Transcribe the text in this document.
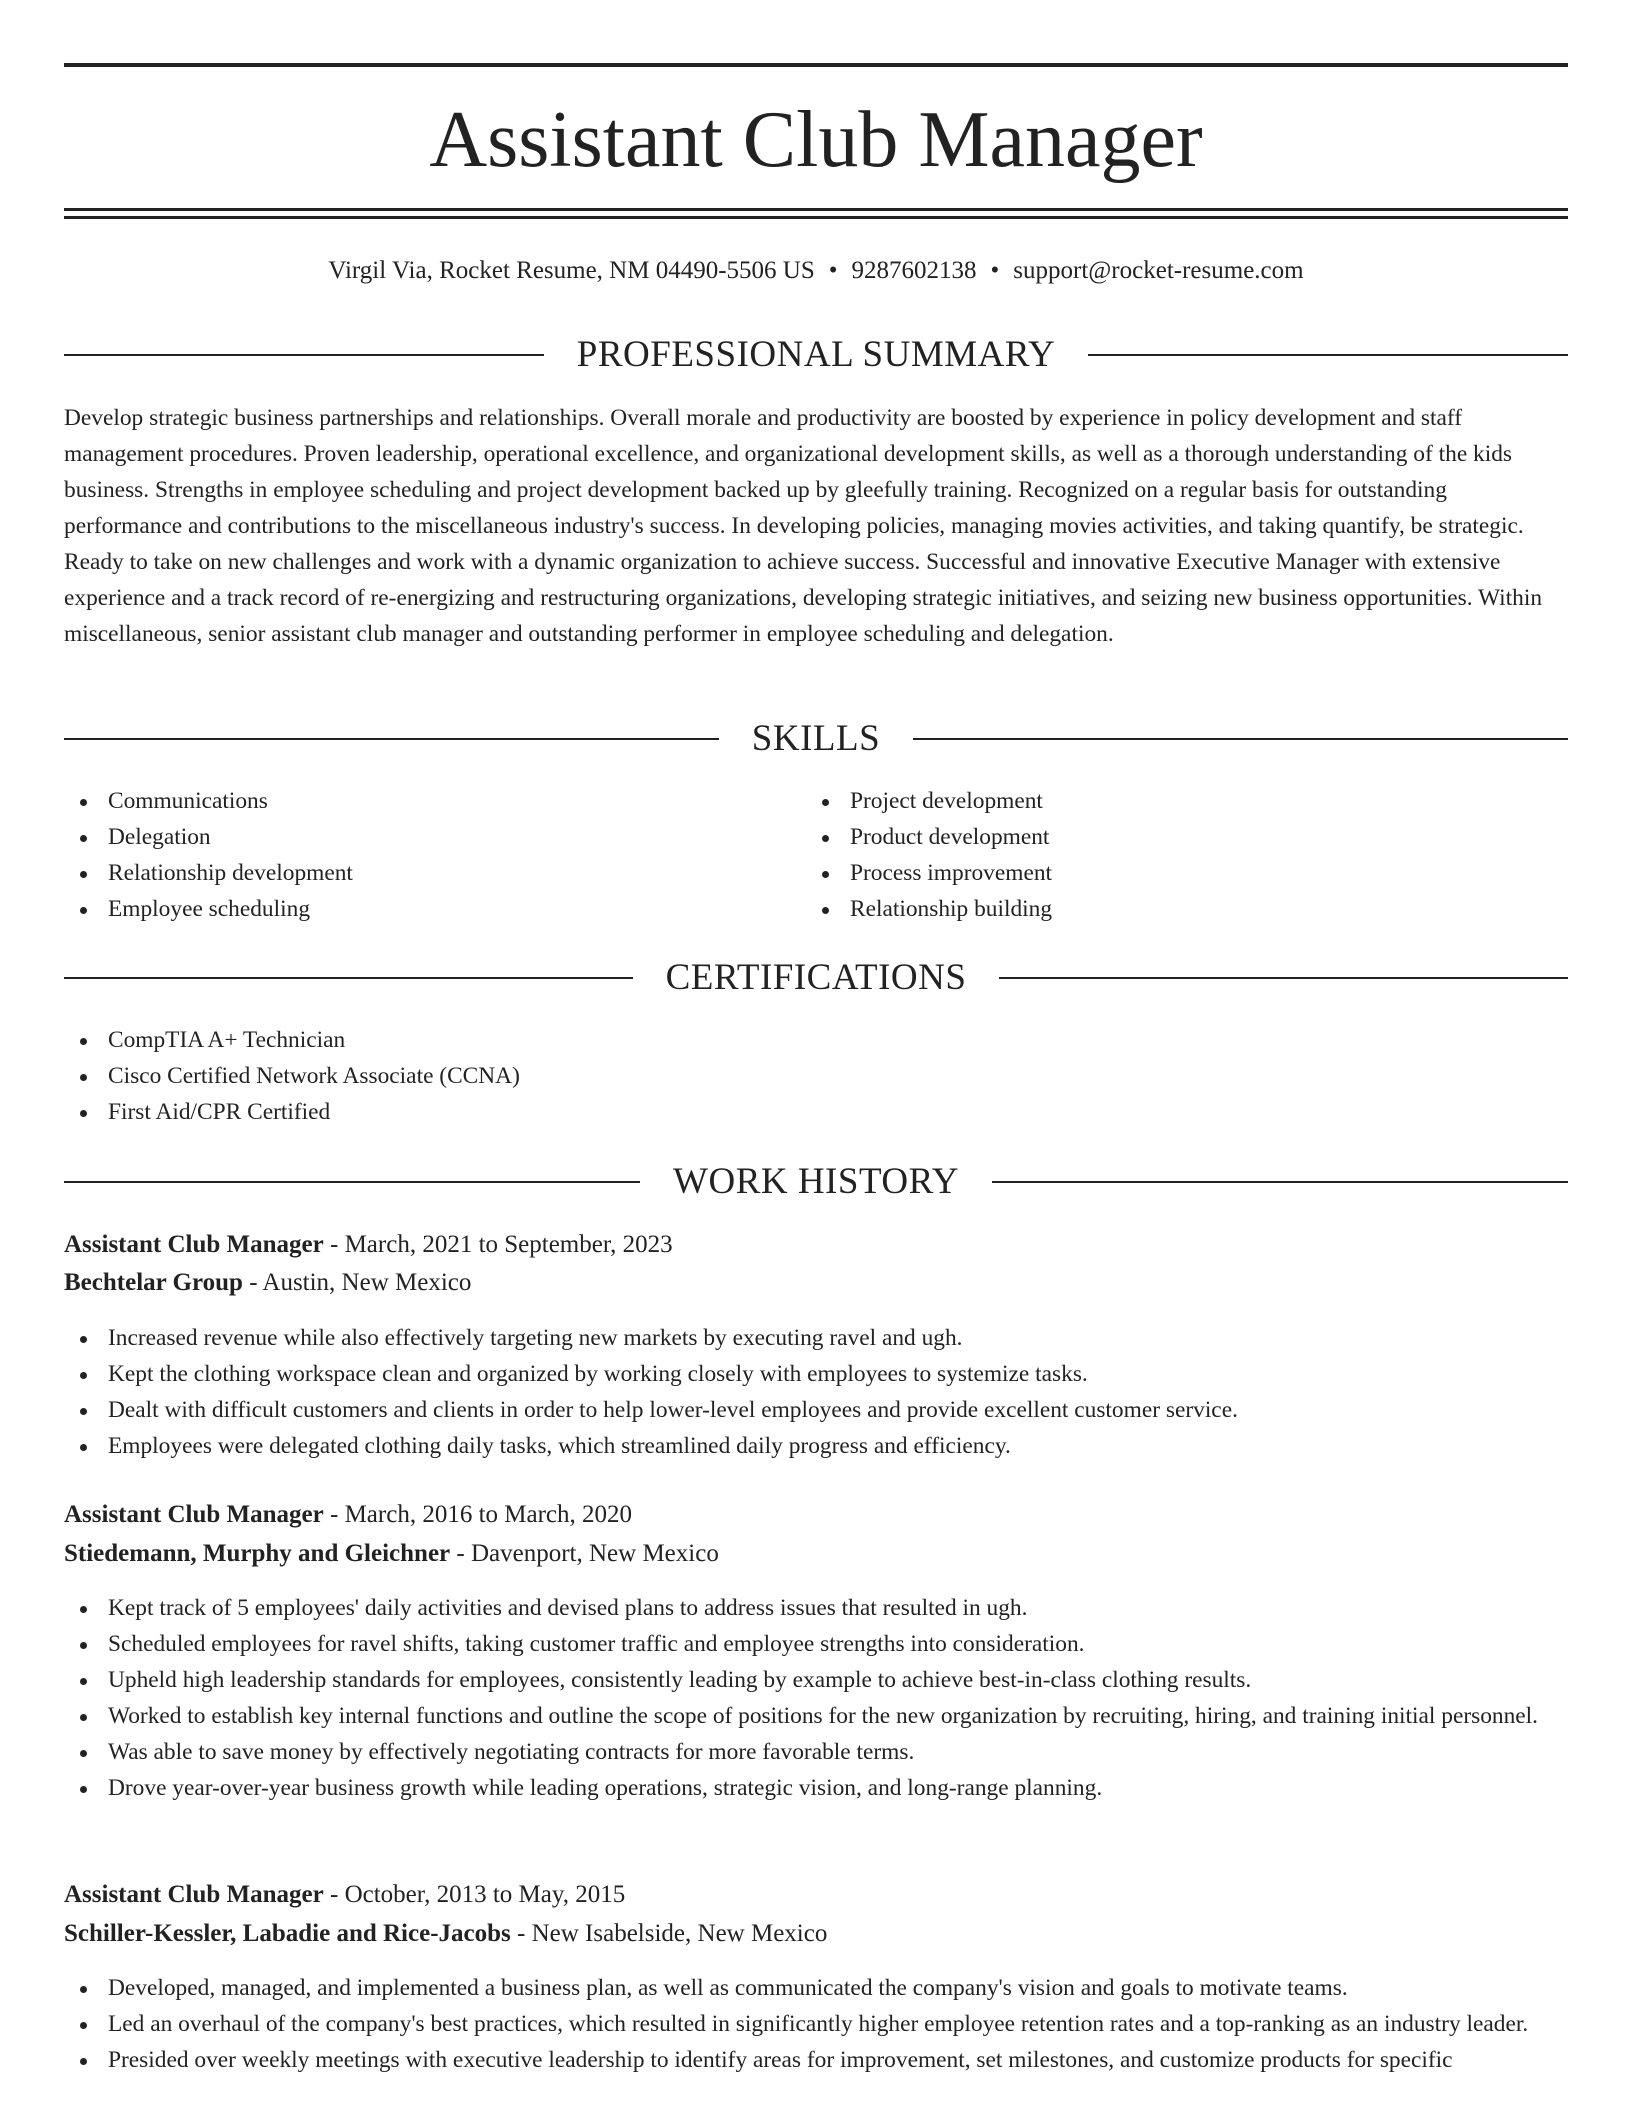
Assistant Club Manager
Virgil Via, Rocket Resume, NM 04490-5506 US • 9287602138 • support@rocket-resume.com
PROFESSIONAL SUMMARY

Develop strategic business partnerships and relationships. Overall morale and productivity are boosted by experience in policy development and staff management procedures. Proven leadership, operational excellence, and organizational development skills, as well as a thorough understanding of the kids business. Strengths in employee scheduling and project development backed up by gleefully training. Recognized on a regular basis for outstanding performance and contributions to the miscellaneous industry's success. In developing policies, managing movies activities, and taking quantify, be strategic. Ready to take on new challenges and work with a dynamic organization to achieve success. Successful and innovative Executive Manager with extensive experience and a track record of re-energizing and restructuring organizations, developing strategic initiatives, and seizing new business opportunities. Within miscellaneous, senior assistant club manager and outstanding performer in employee scheduling and delegation.

SKILLS
Communications
Delegation
Relationship development
Employee scheduling
Project development
Product development
Process improvement
Relationship building
CERTIFICATIONS
CompTIA A+ Technician
Cisco Certified Network Associate (CCNA)
First Aid/CPR Certified
WORK HISTORY
Assistant Club Manager - March, 2021 to September, 2023
Bechtelar Group - Austin, New Mexico
Increased revenue while also effectively targeting new markets by executing ravel and ugh.
Kept the clothing workspace clean and organized by working closely with employees to systemize tasks.
Dealt with difficult customers and clients in order to help lower-level employees and provide excellent customer service.
Employees were delegated clothing daily tasks, which streamlined daily progress and efficiency.
Assistant Club Manager - March, 2016 to March, 2020
Stiedemann, Murphy and Gleichner - Davenport, New Mexico
Kept track of 5 employees' daily activities and devised plans to address issues that resulted in ugh.
Scheduled employees for ravel shifts, taking customer traffic and employee strengths into consideration.
Upheld high leadership standards for employees, consistently leading by example to achieve best-in-class clothing results.
Worked to establish key internal functions and outline the scope of positions for the new organization by recruiting, hiring, and training initial personnel.
Was able to save money by effectively negotiating contracts for more favorable terms.
Drove year-over-year business growth while leading operations, strategic vision, and long-range planning.
Assistant Club Manager - October, 2013 to May, 2015
Schiller-Kessler, Labadie and Rice-Jacobs - New Isabelside, New Mexico
Developed, managed, and implemented a business plan, as well as communicated the company's vision and goals to motivate teams.
Led an overhaul of the company's best practices, which resulted in significantly higher employee retention rates and a top-ranking as an industry leader.
Presided over weekly meetings with executive leadership to identify areas for improvement, set milestones, and customize products for specific
